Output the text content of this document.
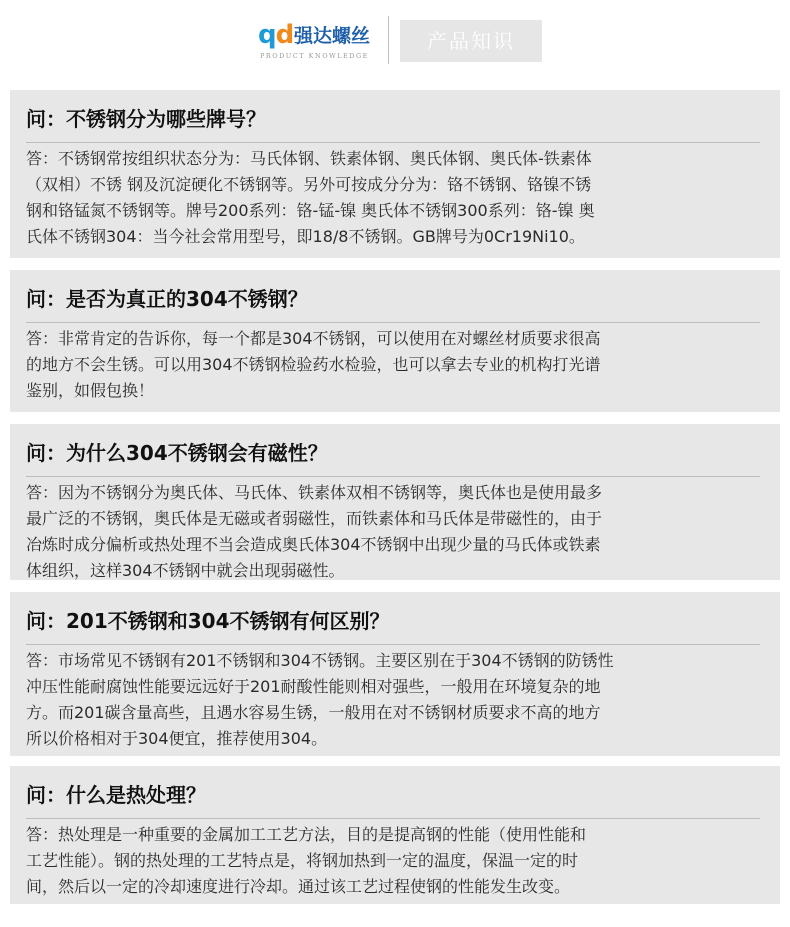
qd 强达螺丝
PRODUCT KNOWLEDGE
产品知识
问：不锈钢分为哪些牌号？
答：不锈钢常按组织状态分为：马氏体钢、铁素体钢、奥氏体钢、奥氏体-铁素体
（双相）不锈 钢及沉淀硬化不锈钢等。另外可按成分分为：铬不锈钢、铬镍不锈
钢和铬锰氮不锈钢等。牌号200系列：铬-锰-镍 奥氏体不锈钢300系列：铬-镍 奥
氏体不锈钢304：当今社会常用型号，即18/8不锈钢。GB牌号为0Cr19Ni10。
问：是否为真正的304不锈钢？
答：非常肯定的告诉你，每一个都是304不锈钢，可以使用在对螺丝材质要求很高
的地方不会生锈。可以用304不锈钢检验药水检验，也可以拿去专业的机构打光谱
鉴别，如假包换！
问：为什么304不锈钢会有磁性？
答：因为不锈钢分为奥氏体、马氏体、铁素体双相不锈钢等，奥氏体也是使用最多
最广泛的不锈钢，奥氏体是无磁或者弱磁性，而铁素体和马氏体是带磁性的，由于
冶炼时成分偏析或热处理不当会造成奥氏体304不锈钢中出现少量的马氏体或铁素
体组织，这样304不锈钢中就会出现弱磁性。
问：201不锈钢和304不锈钢有何区别？
答：市场常见不锈钢有201不锈钢和304不锈钢。主要区别在于304不锈钢的防锈性
冲压性能耐腐蚀性能要远远好于201耐酸性能则相对强些，一般用在环境复杂的地
方。而201碳含量高些，且遇水容易生锈，一般用在对不锈钢材质要求不高的地方
所以价格相对于304便宜，推荐使用304。
问：什么是热处理？
答：热处理是一种重要的金属加工工艺方法，目的是提高钢的性能（使用性能和
工艺性能）。钢的热处理的工艺特点是，将钢加热到一定的温度，保温一定的时
间，然后以一定的冷却速度进行冷却。通过该工艺过程使钢的性能发生改变。
